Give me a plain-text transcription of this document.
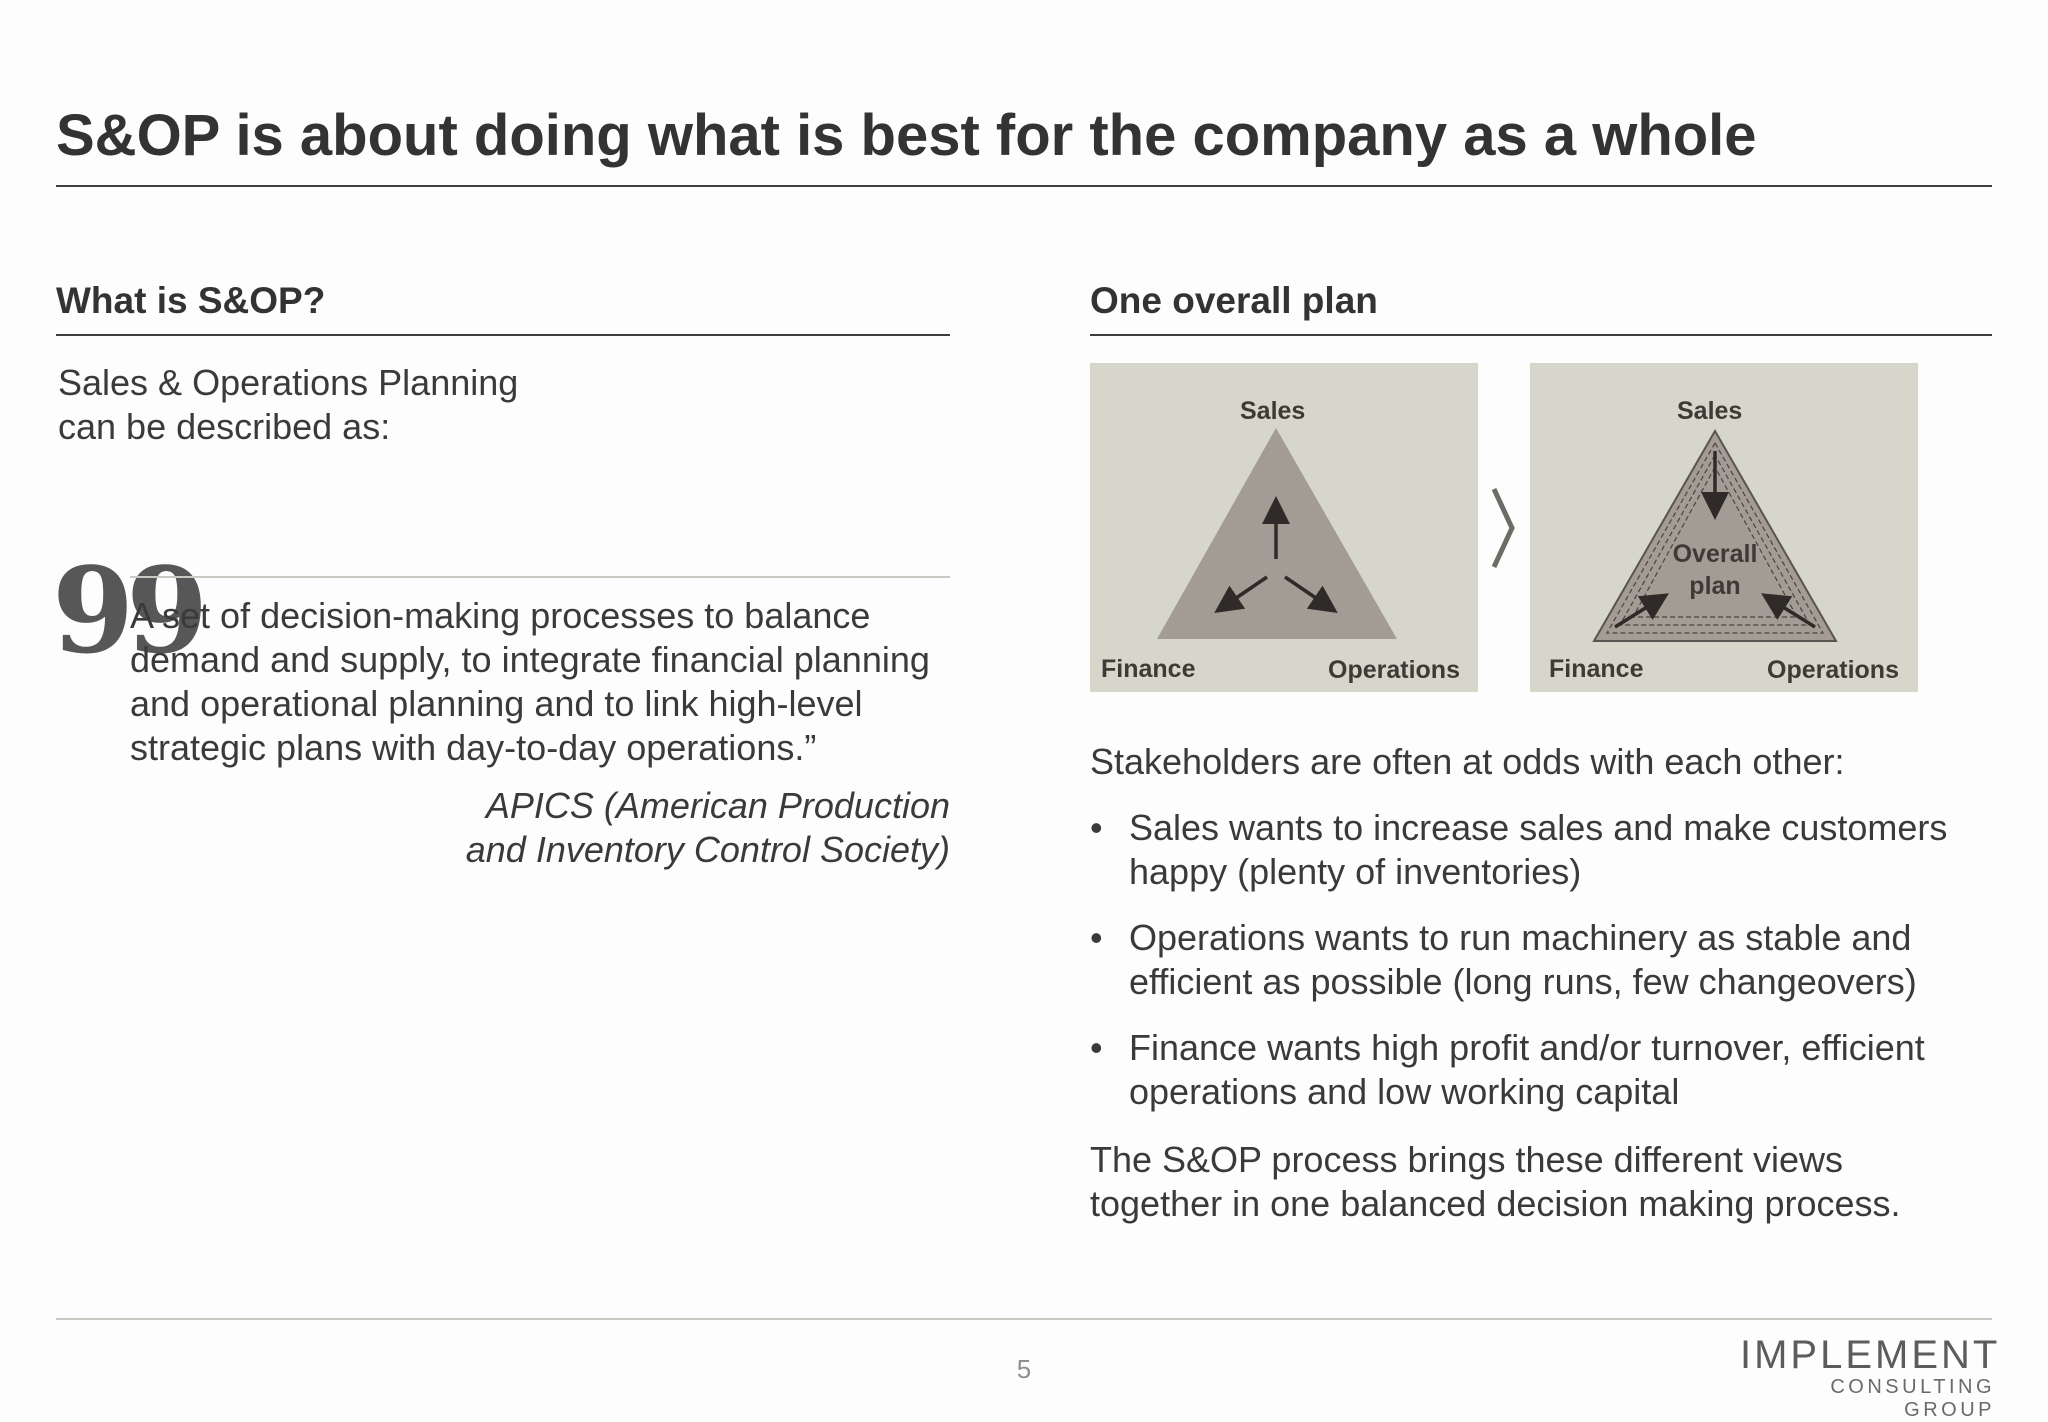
S&OP is about doing what is best for the company as a whole
What is S&OP?
Sales & Operations Planning
can be described as:
99
A set of decision-making processes to balance
demand and supply, to integrate financial planning
and operational planning and to link high-level
strategic plans with day-to-day operations.”
APICS (American Production
and Inventory Control Society)
One overall plan
Sales
Finance	Operations
Sales
Overall
plan
Finance	Operations
Stakeholders are often at odds with each other:
• Sales wants to increase sales and make customers
happy (plenty of inventories)
• Operations wants to run machinery as stable and
efficient as possible (long runs, few changeovers)
• Finance wants high profit and/or turnover, efficient
operations and low working capital
The S&OP process brings these different views
together in one balanced decision making process.
5	IMPLEMENT
CONSULTING GROUP
